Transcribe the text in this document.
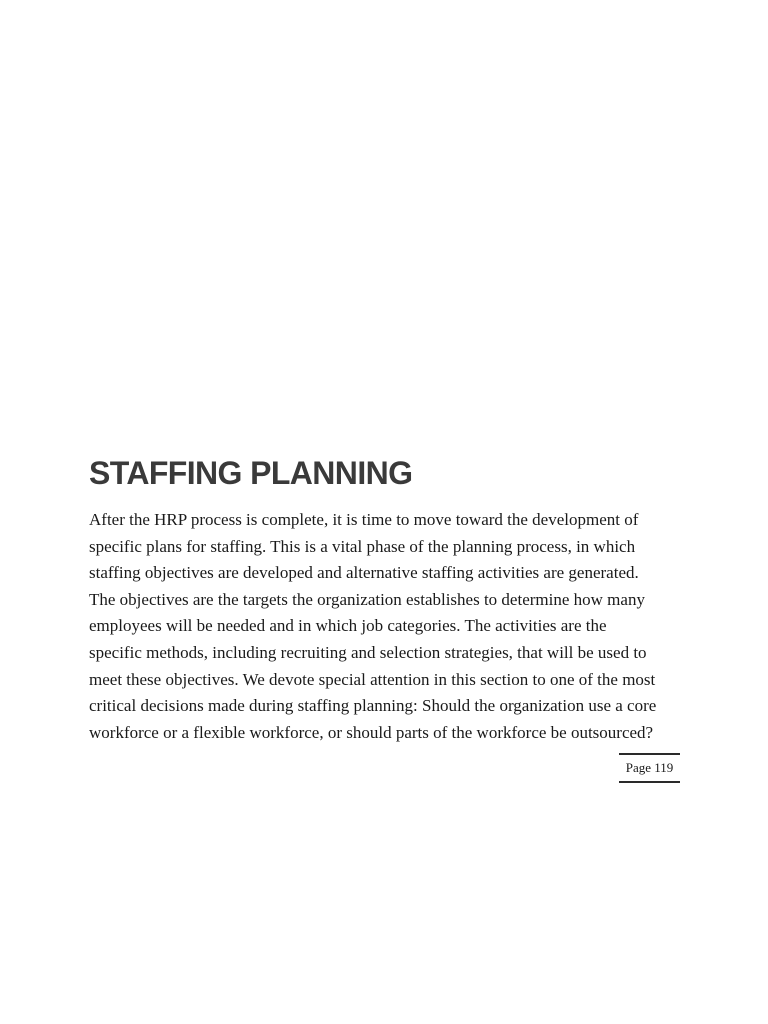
STAFFING PLANNING

After the HRP process is complete, it is time to move toward the development of
specific plans for staffing. This is a vital phase of the planning process, in which
staffing objectives are developed and alternative staffing activities are generated.
The objectives are the targets the organization establishes to determine how many
employees will be needed and in which job categories. The activities are the
specific methods, including recruiting and selection strategies, that will be used to
meet these objectives. We devote special attention in this section to one of the most
critical decisions made during staffing planning: Should the organization use a core
workforce or a flexible workforce, or should parts of the workforce be outsourced?

Page 119
